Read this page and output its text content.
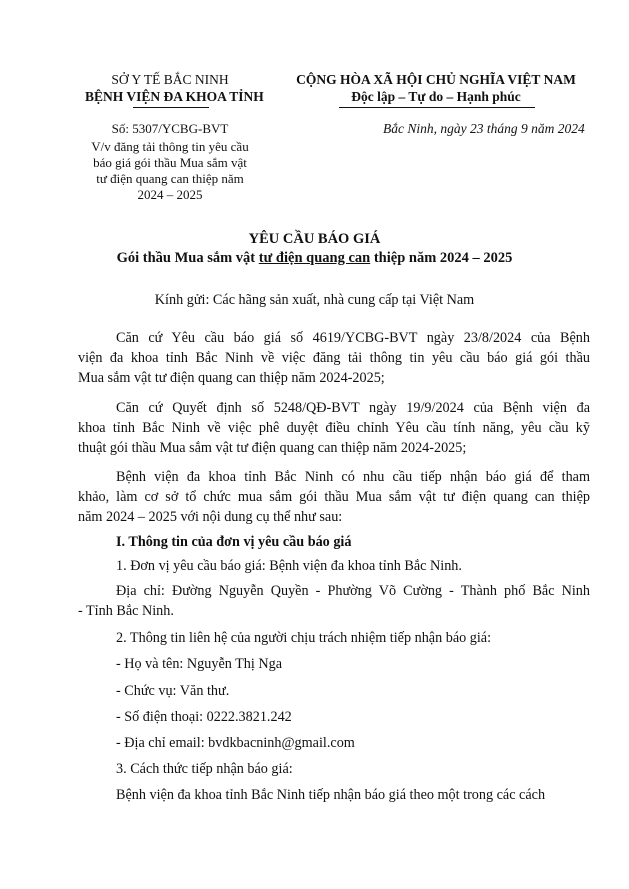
SỞ Y TẾ BẮC NINH
BỆNH VIỆN ĐA KHOA TỈNH
CỘNG HÒA XÃ HỘI CHỦ NGHĨA VIỆT NAM
Độc lập – Tự do – Hạnh phúc
Số: 5307/YCBG-BVT
V/v đăng tải thông tin yêu cầu
báo giá gói thầu Mua sắm vật
tư điện quang can thiệp năm
2024 – 2025
Bắc Ninh, ngày 23 tháng 9 năm 2024
YÊU CẦU BÁO GIÁ
Gói thầu Mua sắm vật tư điện quang can thiệp năm 2024 – 2025
Kính gửi: Các hãng sản xuất, nhà cung cấp tại Việt Nam
Căn cứ Yêu cầu báo giá số 4619/YCBG-BVT ngày 23/8/2024 của Bệnh
viện đa khoa tỉnh Bắc Ninh về việc đăng tải thông tin yêu cầu báo giá gói thầu
Mua sắm vật tư điện quang can thiệp năm 2024-2025;
Căn cứ Quyết định số 5248/QĐ-BVT ngày 19/9/2024 của Bệnh viện đa
khoa tỉnh Bắc Ninh về việc phê duyệt điều chỉnh Yêu cầu tính năng, yêu cầu kỹ
thuật gói thầu Mua sắm vật tư điện quang can thiệp năm 2024-2025;
Bệnh viện đa khoa tỉnh Bắc Ninh có nhu cầu tiếp nhận báo giá để tham
khảo, làm cơ sở tổ chức mua sắm gói thầu Mua sắm vật tư điện quang can thiệp
năm 2024 – 2025 với nội dung cụ thể như sau:
I. Thông tin của đơn vị yêu cầu báo giá
1. Đơn vị yêu cầu báo giá: Bệnh viện đa khoa tỉnh Bắc Ninh.
Địa chỉ: Đường Nguyễn Quyền - Phường Võ Cường - Thành phố Bắc Ninh
- Tỉnh Bắc Ninh.
2. Thông tin liên hệ của người chịu trách nhiệm tiếp nhận báo giá:
- Họ và tên: Nguyễn Thị Nga
- Chức vụ: Văn thư.
- Số điện thoại: 0222.3821.242
- Địa chỉ email: bvdkbacninh@gmail.com
3. Cách thức tiếp nhận báo giá:
Bệnh viện đa khoa tỉnh Bắc Ninh tiếp nhận báo giá theo một trong các cách
